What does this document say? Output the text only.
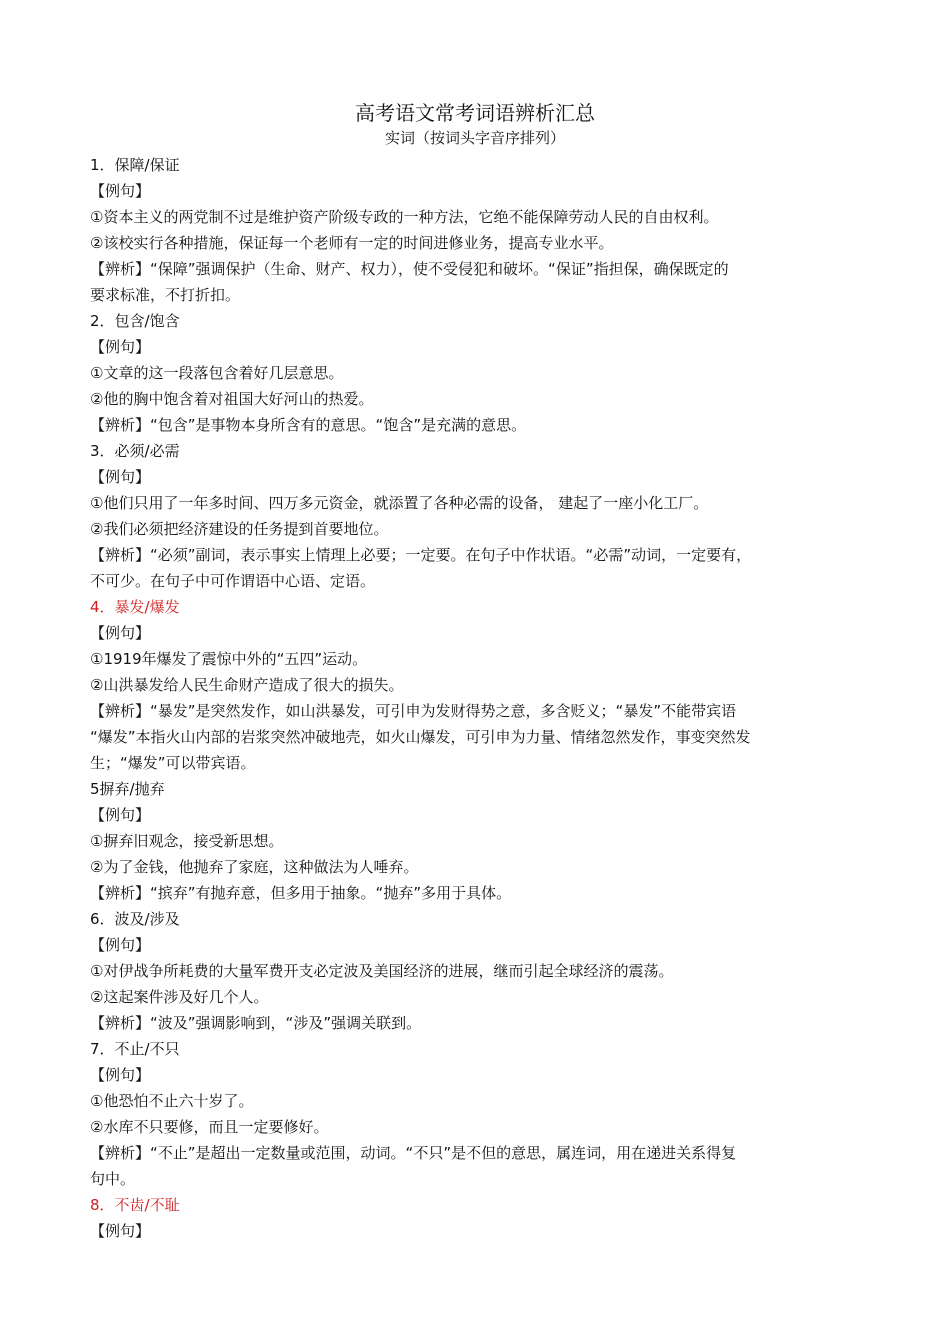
高考语文常考词语辨析汇总
实词（按词头字音序排列）
1．保障/保证
【例句】
①资本主义的两党制不过是维护资产阶级专政的一种方法，它绝不能保障劳动人民的自由权利。
②该校实行各种措施，保证每一个老师有一定的时间进修业务，提高专业水平。
【辨析】“保障”强调保护（生命、财产、权力），使不受侵犯和破坏。“保证”指担保，确保既定的
要求标准，不打折扣。
2．包含/饱含
【例句】
①文章的这一段落包含着好几层意思。
②他的胸中饱含着对祖国大好河山的热爱。
【辨析】“包含”是事物本身所含有的意思。“饱含”是充满的意思。
3．必须/必需
【例句】
①他们只用了一年多时间、四万多元资金，就添置了各种必需的设备， 建起了一座小化工厂。
②我们必须把经济建设的任务提到首要地位。
【辨析】“必须”副词，表示事实上情理上必要；一定要。在句子中作状语。“必需”动词，一定要有，
不可少。在句子中可作谓语中心语、定语。
4．暴发/爆发
【例句】
①1919年爆发了震惊中外的“五四”运动。
②山洪暴发给人民生命财产造成了很大的损失。
【辨析】“暴发”是突然发作，如山洪暴发，可引申为发财得势之意，多含贬义；“暴发”不能带宾语
“爆发”本指火山内部的岩浆突然冲破地壳，如火山爆发，可引申为力量、情绪忽然发作，事变突然发
生；“爆发”可以带宾语。
5摒弃/抛弃
【例句】
①摒弃旧观念，接受新思想。
②为了金钱，他抛弃了家庭，这种做法为人唾弃。
【辨析】“摈弃”有抛弃意，但多用于抽象。“抛弃”多用于具体。
6．波及/涉及
【例句】
①对伊战争所耗费的大量军费开支必定波及美国经济的进展，继而引起全球经济的震荡。
②这起案件涉及好几个人。
【辨析】“波及”强调影响到，“涉及”强调关联到。
7．不止/不只
【例句】
①他恐怕不止六十岁了。
②水库不只要修，而且一定要修好。
【辨析】“不止”是超出一定数量或范围，动词。“不只”是不但的意思，属连词，用在递进关系得复
句中。
8．不齿/不耻
【例句】
